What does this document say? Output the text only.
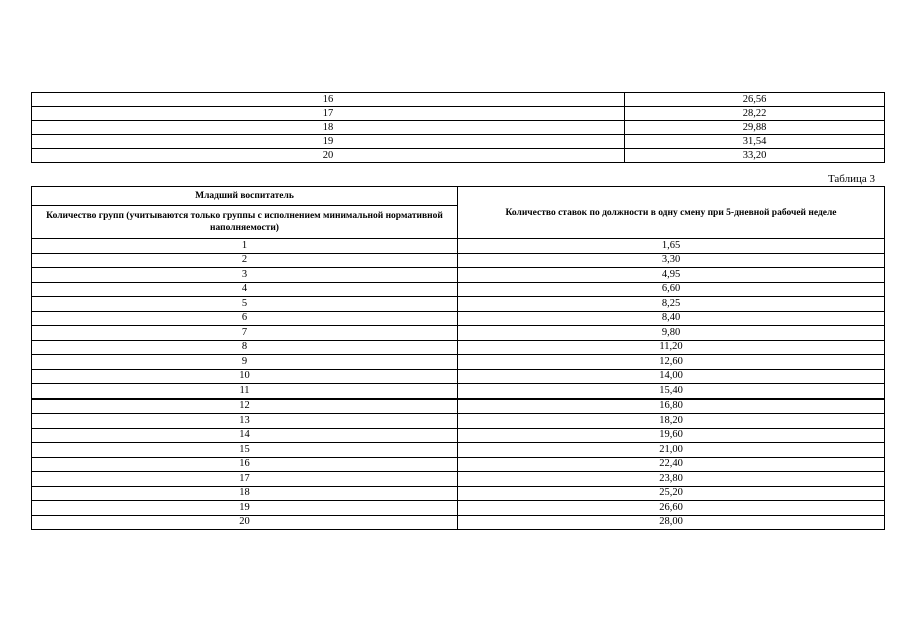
16	26,56
17	28,22
18	29,88
19	31,54
20	33,20
Таблица 3
Младший воспитатель	Количество ставок по должности в одну смену при 5-дневной рабочей неделе
Количество групп (учитываются только группы с исполнением минимальной нормативной наполняемости)	
1	1,65
2	3,30
3	4,95
4	6,60
5	8,25
6	8,40
7	9,80
8	11,20
9	12,60
10	14,00
11	15,40
12	16,80
13	18,20
14	19,60
15	21,00
16	22,40
17	23,80
18	25,20
19	26,60
20	28,00
